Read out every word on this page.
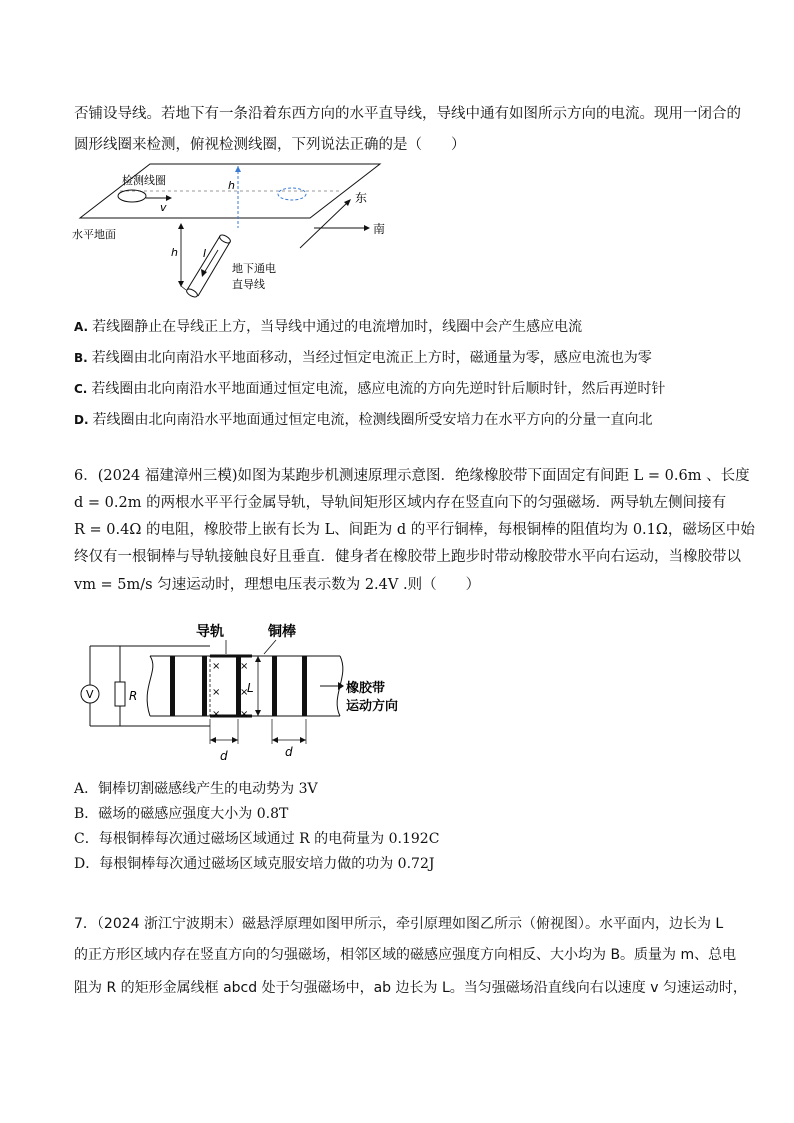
否铺设导线。若地下有一条沿着东西方向的水平直导线，导线中通有如图所示方向的电流。现用一闭合的
圆形线圈来检测，俯视检测线圈，下列说法正确的是（　　）
v
检测线圈	h
水平地面
h I
地下通电
直导线
东
南
A. 若线圈静止在导线正上方，当导线中通过的电流增加时，线圈中会产生感应电流
B. 若线圈由北向南沿水平地面移动，当经过恒定电流正上方时，磁通量为零，感应电流也为零
C. 若线圈由北向南沿水平地面通过恒定电流，感应电流的方向先逆时针后顺时针，然后再逆时针
D. 若线圈由北向南沿水平地面通过恒定电流，检测线圈所受安培力在水平方向的分量一直向北
6．(2024 福建漳州三模)如图为某跑步机测速原理示意图．绝缘橡胶带下面固定有间距 L = 0.6m 、长度
d = 0.2m 的两根水平平行金属导轨，导轨间矩形区域内存在竖直向下的匀强磁场．两导轨左侧间接有
R = 0.4Ω 的电阻，橡胶带上嵌有长为 L、间距为 d 的平行铜棒，每根铜棒的阻值均为 0.1Ω，磁场区中始
终仅有一根铜棒与导轨接触良好且垂直．健身者在橡胶带上跑步时带动橡胶带水平向右运动，当橡胶带以
vm = 5m/s 匀速运动时，理想电压表示数为 2.4V .则（　　）
V	R
×
×
×
×
×
×
导轨	铜棒
L
d	d
橡胶带
运动方向
A．铜棒切割磁感线产生的电动势为 3V
B．磁场的磁感应强度大小为 0.8T
C．每根铜棒每次通过磁场区域通过 R 的电荷量为 0.192C
D．每根铜棒每次通过磁场区域克服安培力做的功为 0.72J
7．（2024 浙江宁波期末）磁悬浮原理如图甲所示，牵引原理如图乙所示（俯视图）。水平面内，边长为 L
的正方形区域内存在竖直方向的匀强磁场，相邻区域的磁感应强度方向相反、大小均为 B。质量为 m、总电
阻为 R 的矩形金属线框 abcd 处于匀强磁场中，ab 边长为 L。当匀强磁场沿直线向右以速度 v 匀速运动时，
